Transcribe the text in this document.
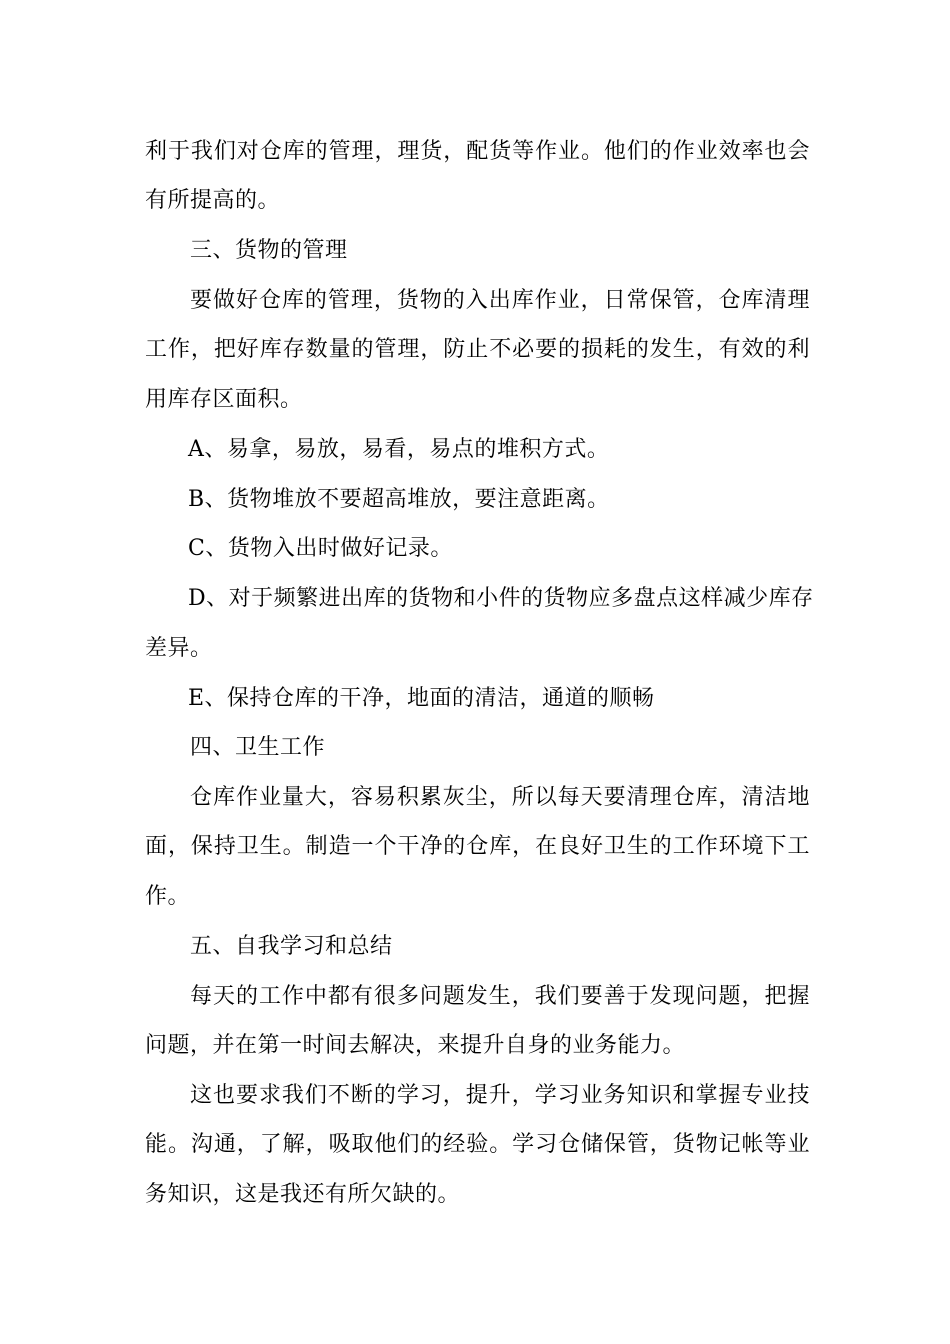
利于我们对仓库的管理，理货，配货等作业。他们的作业效率也会
有所提高的。
三、货物的管理
要做好仓库的管理，货物的入出库作业，日常保管，仓库清理
工作，把好库存数量的管理，防止不必要的损耗的发生，有效的利
用库存区面积。
A、易拿，易放，易看，易点的堆积方式。
B、货物堆放不要超高堆放，要注意距离。
C、货物入出时做好记录。
D、对于频繁进出库的货物和小件的货物应多盘点这样减少库存
差异。
E、保持仓库的干净，地面的清洁，通道的顺畅
四、卫生工作
仓库作业量大，容易积累灰尘，所以每天要清理仓库，清洁地
面，保持卫生。制造一个干净的仓库，在良好卫生的工作环境下工
作。
五、自我学习和总结
每天的工作中都有很多问题发生，我们要善于发现问题，把握
问题，并在第一时间去解决，来提升自身的业务能力。
这也要求我们不断的学习，提升，学习业务知识和掌握专业技
能。沟通，了解，吸取他们的经验。学习仓储保管，货物记帐等业
务知识，这是我还有所欠缺的。
